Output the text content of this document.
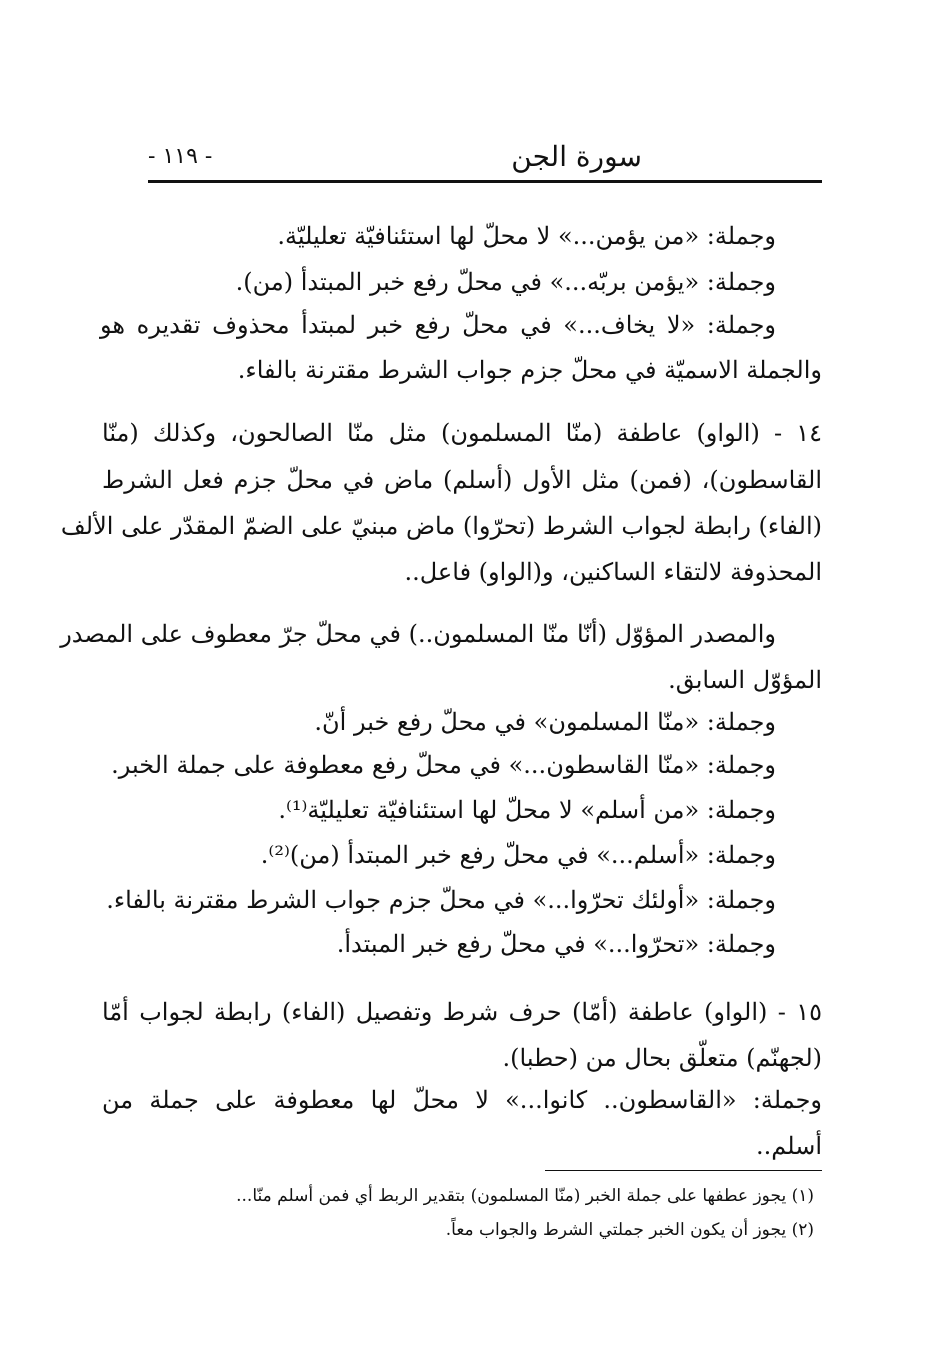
سورة الجن
- ١١٩ -
وجملة: «من يؤمن...» لا محلّ لها استئنافيّة تعليليّة.
وجملة: «يؤمن بربّه...» في محلّ رفع خبر المبتدأ (من).
وجملة: «لا يخاف...» في محلّ رفع خبر لمبتدأ محذوف تقديره هو
والجملة الاسميّة في محلّ جزم جواب الشرط مقترنة بالفاء.
١٤ - (الواو) عاطفة (منّا المسلمون) مثل منّا الصالحون، وكذلك (منّا
القاسطون)، (فمن) مثل الأول (أسلم) ماض في محلّ جزم فعل الشرط
(الفاء) رابطة لجواب الشرط (تحرّوا) ماض مبنيّ على الضمّ المقدّر على الألف
المحذوفة لالتقاء الساكنين، و(الواو) فاعل..
والمصدر المؤوّل (أنّا منّا المسلمون..) في محلّ جرّ معطوف على المصدر
المؤوّل السابق.
وجملة: «منّا المسلمون» في محلّ رفع خبر أنّ.
وجملة: «منّا القاسطون...» في محلّ رفع معطوفة على جملة الخبر.
وجملة: «من أسلم» لا محلّ لها استئنافيّة تعليليّة⁽¹⁾.
وجملة: «أسلم...» في محلّ رفع خبر المبتدأ (من)⁽²⁾.
وجملة: «أولئك تحرّوا...» في محلّ جزم جواب الشرط مقترنة بالفاء.
وجملة: «تحرّوا...» في محلّ رفع خبر المبتدأ.
١٥ - (الواو) عاطفة (أمّا) حرف شرط وتفصيل (الفاء) رابطة لجواب أمّا
(لجهنّم) متعلّق بحال من (حطبا).
وجملة: «القاسطون.. كانوا...» لا محلّ لها معطوفة على جملة من
أسلم..
(١) يجوز عطفها على جملة الخبر (منّا المسلمون) بتقدير الربط أي فمن أسلم منّا...
(٢) يجوز أن يكون الخبر جملتي الشرط والجواب معاً.
